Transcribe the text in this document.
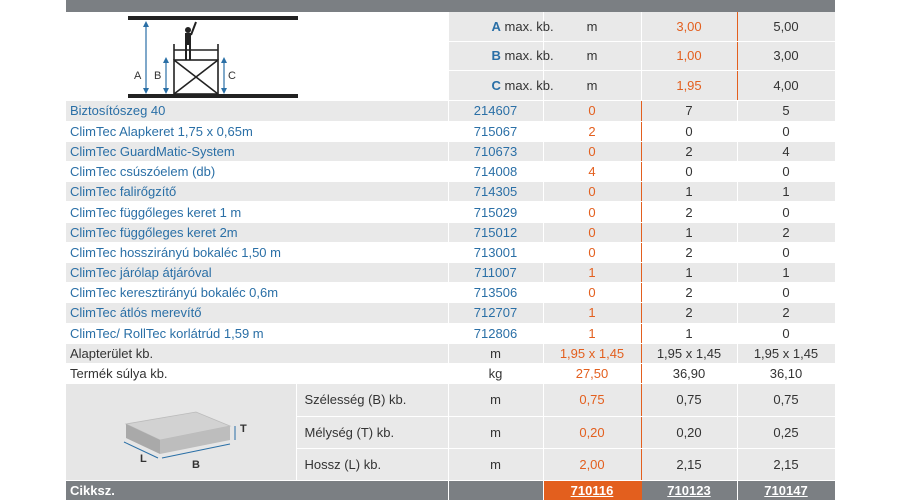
A B C	A max. kb.	m	3,00	5,00	
	B max. kb.	m	1,00	3,00	
	C max. kb.	m	1,95	4,00	
Biztosítószeg 40	214607	0	7	5
ClimTec Alapkeret 1,75 x 0,65m	715067	2	0	0
ClimTec GuardMatic-System	710673	0	2	4
ClimTec csúszóelem (db)	714008	4	0	0
ClimTec falirőgzítő	714305	0	1	1
ClimTec függőleges keret 1 m	715029	0	2	0
ClimTec függőleges keret 2m	715012	0	1	2
ClimTec hosszirányú bokaléc 1,50 m	713001	0	2	0
ClimTec járólap átjáróval	711007	1	1	1
ClimTec keresztirányú bokaléc 0,6m	713506	0	2	0
ClimTec átlós merevítő	712707	1	2	2
ClimTec/ RollTec korlátrúd 1,59 m	712806	1	1	0
Alapterület kb.	m	1,95 x 1,45	1,95 x 1,45	1,95 x 1,45
Termék súlya kb.	kg	27,50	36,90	36,10
L B
T	Szélesség (B) kb.	m	0,75	0,75	0,75
	Mélység (T) kb.	m	0,20	0,20	0,25
	Hossz (L) kb.	m	2,00	2,15	2,15
Cikksz.			710116	710123	710147
